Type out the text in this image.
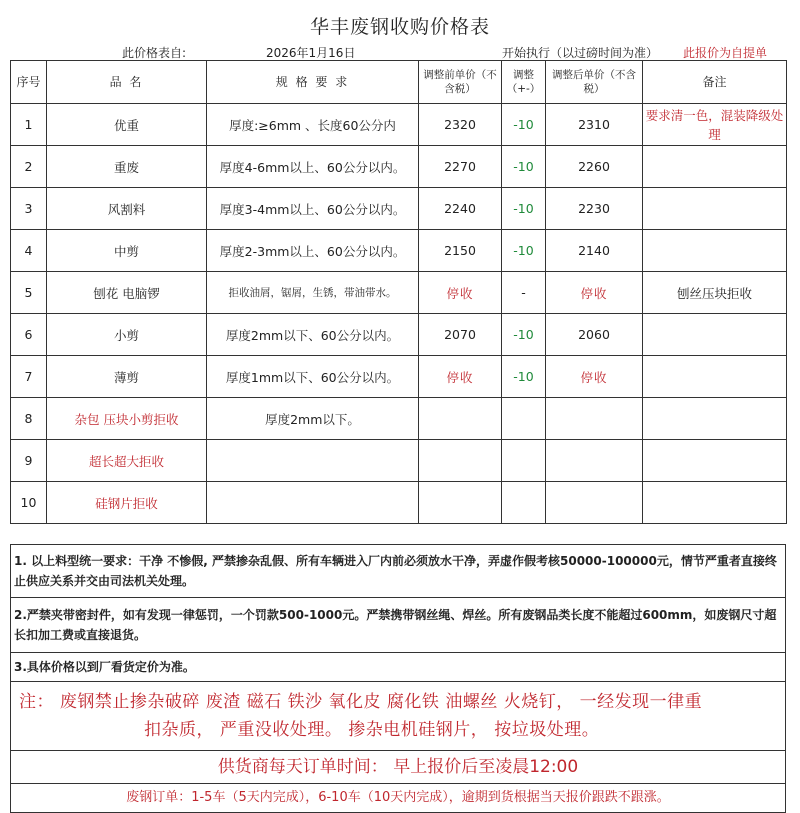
华丰废钢收购价格表
此价格表自:	2026年1月16日	开始执行（以过磅时间为准） 此报价为自提单
序号	品 名	规 格 要 求	调整前单价（不含税）	调整（+-）	调整后单价（不含税）	备注
1	优重	厚度:≥6mm 、长度60公分内	2320	-10	2310	要求清一色，混装降级处理
2	重废	厚度4-6mm以上、60公分以内。	2270	-10	2260	
3	风割料	厚度3-4mm以上、60公分以内。	2240	-10	2230	
4	中剪	厚度2-3mm以上、60公分以内。	2150	-10	2140	
5	刨花 电脑锣	拒收油屑，锯屑，生锈，带油带水。	停收	-	停收	刨丝压块拒收
6	小剪	厚度2mm以下、60公分以内。	2070	-10	2060	
7	薄剪	厚度1mm以下、60公分以内。	停收	-10	停收	
8	杂包 压块小剪拒收	厚度2mm以下。				
9	超长超大拒收					
10	硅钢片拒收					
1. 以上料型统一要求：干净 不惨假, 严禁掺杂乱假、所有车辆进入厂内前必须放水干净，弄虚作假考核50000-100000元，情节严重者直接终止供应关系并交由司法机关处理。
2.严禁夹带密封件，如有发现一律惩罚，一个罚款500-1000元。严禁携带钢丝绳、焊丝。所有废钢品类长度不能超过600mm，如废钢尺寸超长扣加工费或直接退货。
3.具体价格以到厂看货定价为准。

注： 废钢禁止掺杂破碎 废渣 磁石 铁沙 氧化皮 腐化铁 油螺丝 火烧钉， 一经发现一律重
扣杂质， 严重没收处理。 掺杂电机硅钢片， 按垃圾处理。

供货商每天订单时间： 早上报价后至凌晨12:00
废钢订单：1-5车（5天内完成），6-10车（10天内完成），逾期到货根据当天报价跟跌不跟涨。
